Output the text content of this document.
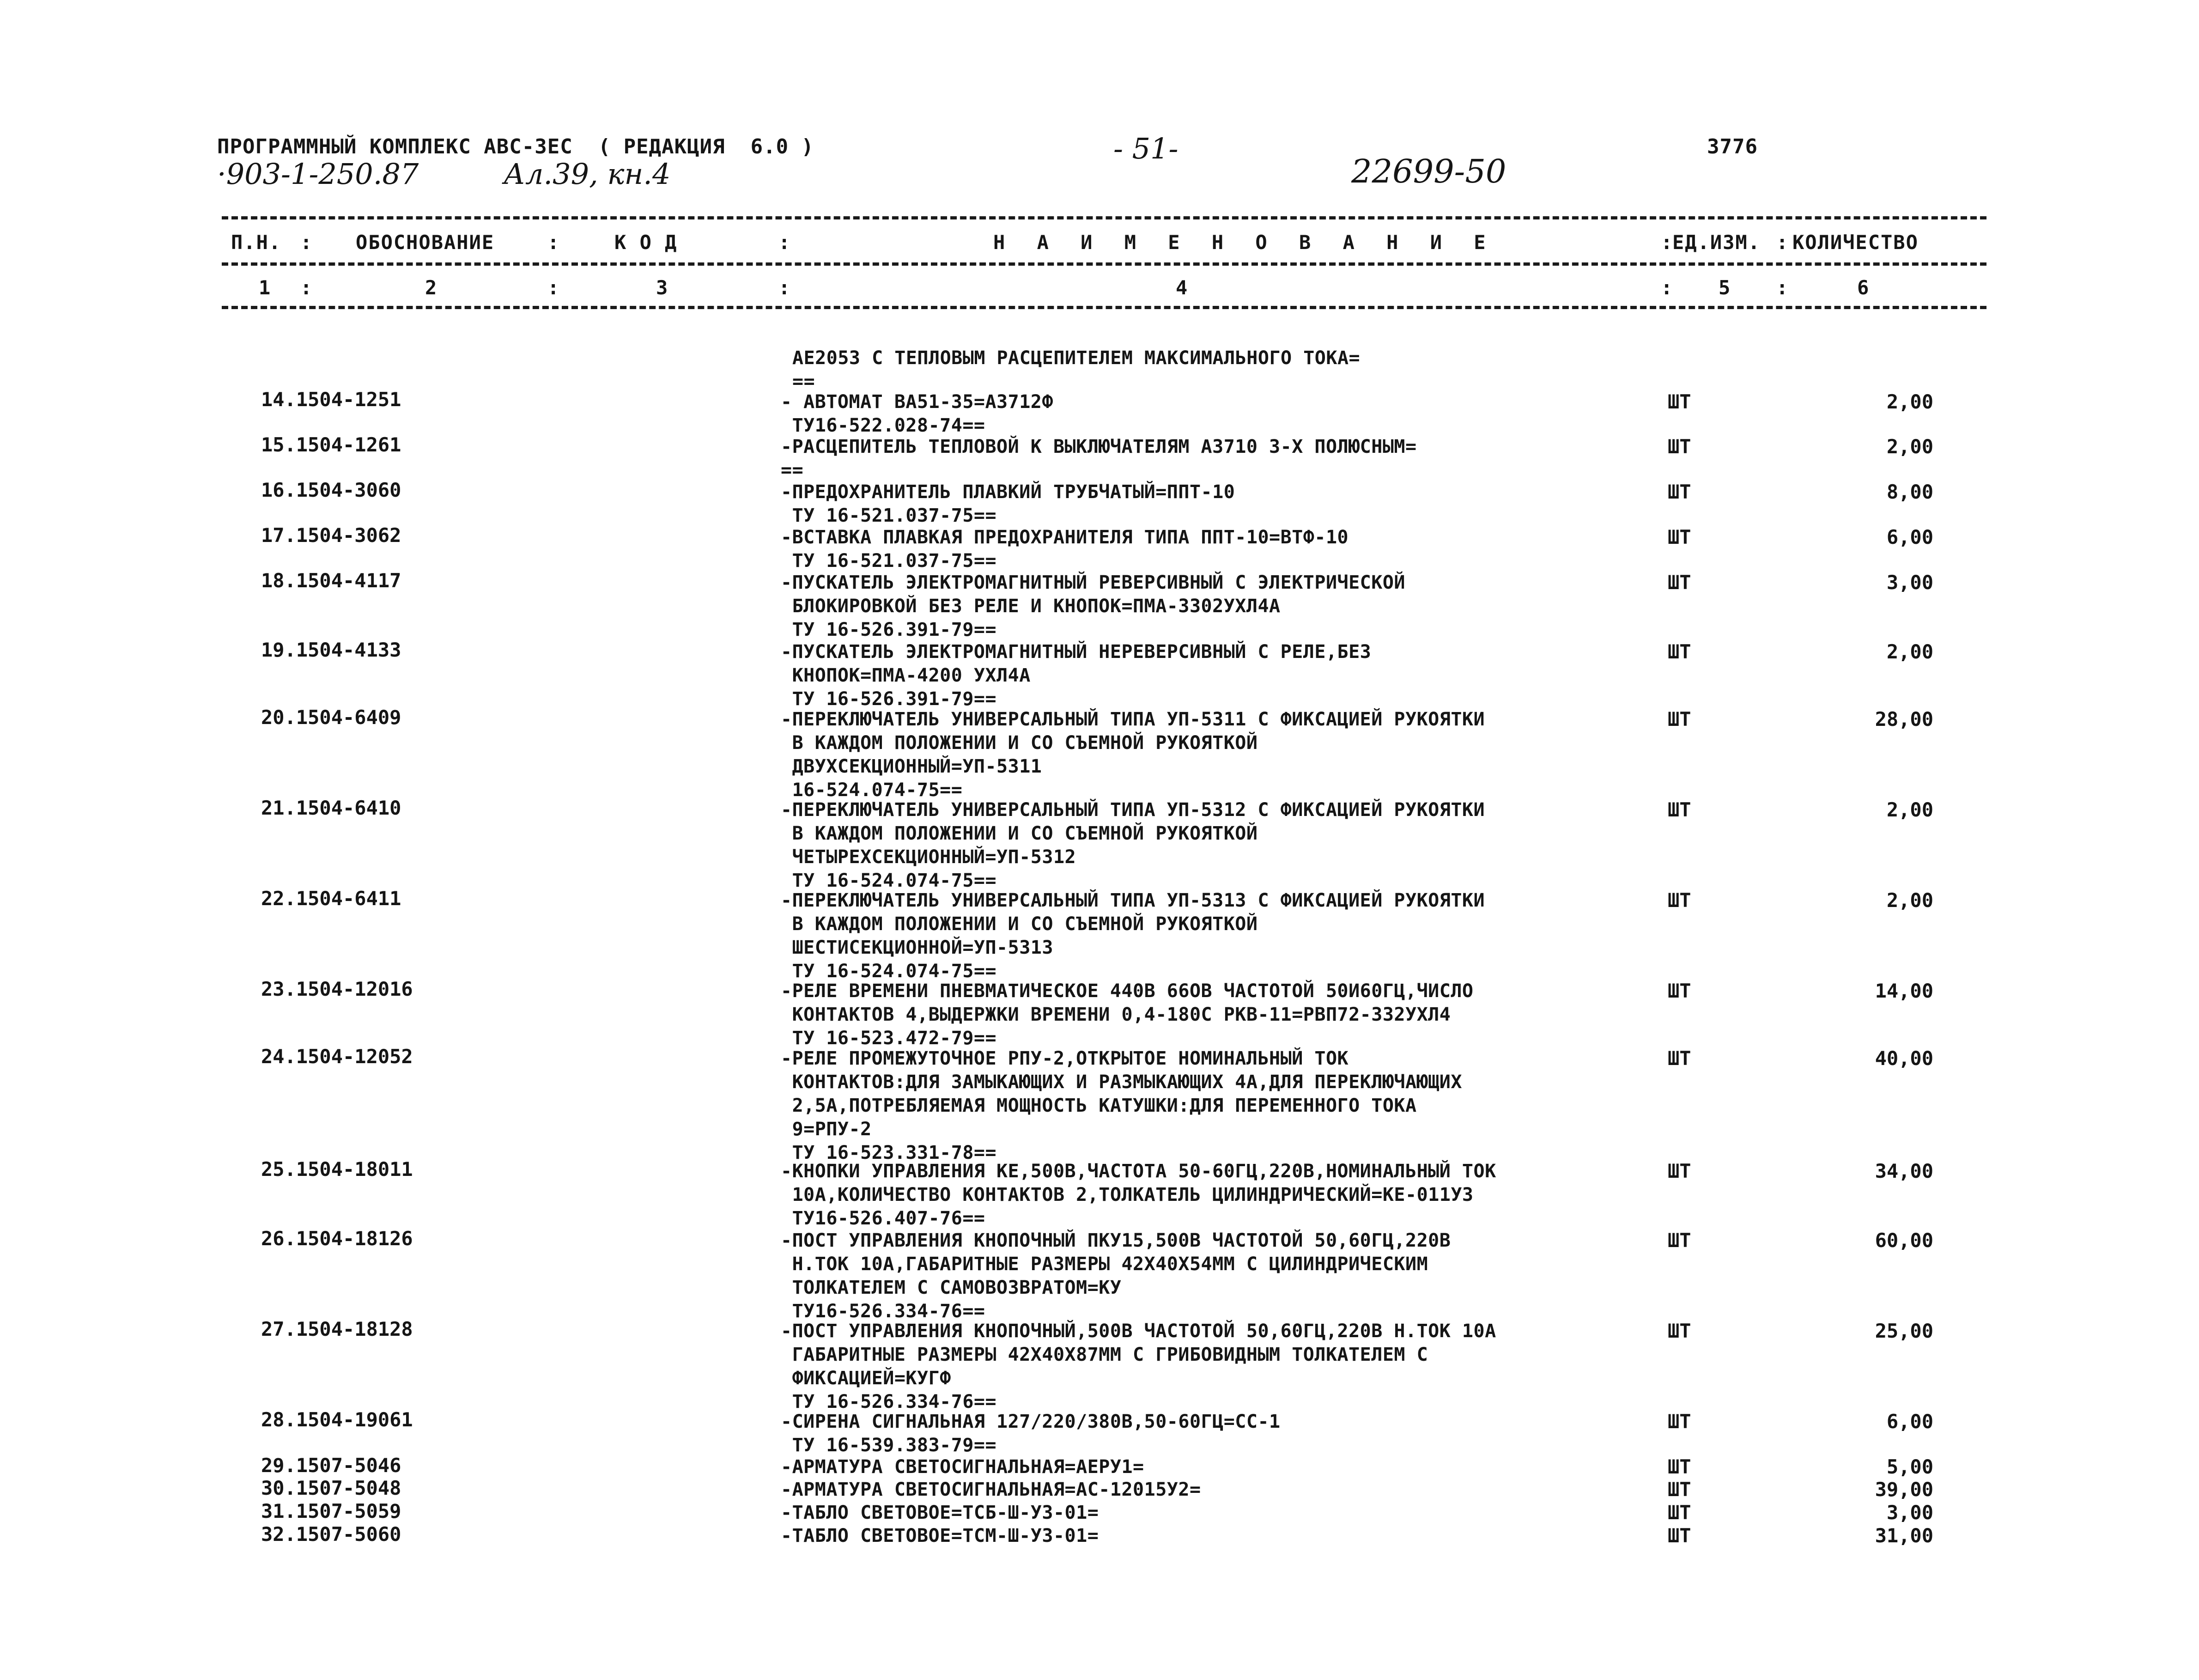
ПРОГРАММНЫЙ КОМПЛЕКС АВС-3ЕС  ( РЕДАКЦИЯ  6.0 )	- 51-	3776
·903-1-250.87	Ал.39, кн.4	22699-50
П.Н. : ОБОСНОВАНИЕ	:	К О Д	:	Н А И М Е Н О В А Н И Е	:
ЕД.ИЗМ. : КОЛИЧЕСТВО
1 :	2	:	3	:	4	: 5 :	6
АЕ2053 С ТЕПЛОВЫМ РАСЦЕПИТЕЛЕМ МАКСИМАЛЬНОГО ТОКА=
==
14.1504-1251	- АВТОМАТ ВА51-35=А3712Ф
ТУ16-522.028-74==
ШТ	2,00
15.1504-1261	-РАСЦЕПИТЕЛЬ ТЕПЛОВОЙ К ВЫКЛЮЧАТЕЛЯМ А3710 3-Х ПОЛЮСНЫМ=
==
ШТ	2,00
16.1504-3060	-ПРЕДОХРАНИТЕЛЬ ПЛАВКИЙ ТРУБЧАТЫЙ=ППТ-10
ТУ 16-521.037-75==
ШТ	8,00
17.1504-3062	-ВСТАВКА ПЛАВКАЯ ПРЕДОХРАНИТЕЛЯ ТИПА ППТ-10=ВТФ-10
ТУ 16-521.037-75==
ШТ	6,00
18.1504-4117	-ПУСКАТЕЛЬ ЭЛЕКТРОМАГНИТНЫЙ РЕВЕРСИВНЫЙ С ЭЛЕКТРИЧЕСКОЙ
БЛОКИРОВКОЙ БЕЗ РЕЛЕ И КНОПОК=ПМА-3302УХЛ4А
ТУ 16-526.391-79==
ШТ	3,00
19.1504-4133	-ПУСКАТЕЛЬ ЭЛЕКТРОМАГНИТНЫЙ НЕРЕВЕРСИВНЫЙ С РЕЛЕ,БЕЗ
КНОПОК=ПМА-4200 УХЛ4А
ТУ 16-526.391-79==
ШТ	2,00
20.1504-6409	-ПЕРЕКЛЮЧАТЕЛЬ УНИВЕРСАЛЬНЫЙ ТИПА УП-5311 С ФИКСАЦИЕЙ РУКОЯТКИ
В КАЖДОМ ПОЛОЖЕНИИ И СО СЪЕМНОЙ РУКОЯТКОЙ
ДВУХСЕКЦИОННЫЙ=УП-5311
16-524.074-75==
ШТ	28,00
21.1504-6410	-ПЕРЕКЛЮЧАТЕЛЬ УНИВЕРСАЛЬНЫЙ ТИПА УП-5312 С ФИКСАЦИЕЙ РУКОЯТКИ
В КАЖДОМ ПОЛОЖЕНИИ И СО СЪЕМНОЙ РУКОЯТКОЙ
ЧЕТЫРЕХСЕКЦИОННЫЙ=УП-5312
ТУ 16-524.074-75==
ШТ	2,00
22.1504-6411	-ПЕРЕКЛЮЧАТЕЛЬ УНИВЕРСАЛЬНЫЙ ТИПА УП-5313 С ФИКСАЦИЕЙ РУКОЯТКИ
В КАЖДОМ ПОЛОЖЕНИИ И СО СЪЕМНОЙ РУКОЯТКОЙ
ШЕСТИСЕКЦИОННОЙ=УП-5313
ТУ 16-524.074-75==
ШТ	2,00
23.1504-12016	-РЕЛЕ ВРЕМЕНИ ПНЕВМАТИЧЕСКОЕ 440В 66ОВ ЧАСТОТОЙ 50И60ГЦ,ЧИСЛО
КОНТАКТОВ 4,ВЫДЕРЖКИ ВРЕМЕНИ 0,4-180С РКВ-11=РВП72-332УХЛ4
ТУ 16-523.472-79==
ШТ	14,00
24.1504-12052	-РЕЛЕ ПРОМЕЖУТОЧНОЕ РПУ-2,ОТКРЫТОЕ НОМИНАЛЬНЫЙ ТОК
КОНТАКТОВ:ДЛЯ ЗАМЫКАЮЩИХ И РАЗМЫКАЮЩИХ 4А,ДЛЯ ПЕРЕКЛЮЧАЮЩИХ
2,5А,ПОТРЕБЛЯЕМАЯ МОЩНОСТЬ КАТУШКИ:ДЛЯ ПЕРЕМЕННОГО ТОКА
9=РПУ-2
ТУ 16-523.331-78==
ШТ	40,00
25.1504-18011	-КНОПКИ УПРАВЛЕНИЯ КЕ,500В,ЧАСТОТА 50-60ГЦ,220В,НОМИНАЛЬНЫЙ ТОК
10А,КОЛИЧЕСТВО КОНТАКТОВ 2,ТОЛКАТЕЛЬ ЦИЛИНДРИЧЕСКИЙ=КЕ-011У3
ТУ16-526.407-76==
ШТ	34,00
26.1504-18126	-ПОСТ УПРАВЛЕНИЯ КНОПОЧНЫЙ ПКУ15,500В ЧАСТОТОЙ 50,60ГЦ,220В
Н.ТОК 10А,ГАБАРИТНЫЕ РАЗМЕРЫ 42Х40Х54ММ С ЦИЛИНДРИЧЕСКИМ
ТОЛКАТЕЛЕМ С САМОВОЗВРАТОМ=КУ
ТУ16-526.334-76==
ШТ	60,00
27.1504-18128	-ПОСТ УПРАВЛЕНИЯ КНОПОЧНЫЙ,500В ЧАСТОТОЙ 50,60ГЦ,220В Н.ТОК 10А
ГАБАРИТНЫЕ РАЗМЕРЫ 42Х40Х87ММ С ГРИБОВИДНЫМ ТОЛКАТЕЛЕМ С
ФИКСАЦИЕЙ=КУГФ
ТУ 16-526.334-76==
ШТ	25,00
28.1504-19061	-СИРЕНА СИГНАЛЬНАЯ 127/220/380В,50-60ГЦ=СС-1
ТУ 16-539.383-79==
ШТ	6,00
29.1507-5046	-АРМАТУРА СВЕТОСИГНАЛЬНАЯ=АЕРУ1=	ШТ	5,00
30.1507-5048	-АРМАТУРА СВЕТОСИГНАЛЬНАЯ=АС-12015У2=	ШТ	39,00
31.1507-5059	-ТАБЛО СВЕТОВОЕ=ТСБ-Ш-У3-01=	ШТ	3,00
32.1507-5060	-ТАБЛО СВЕТОВОЕ=ТСМ-Ш-У3-01=	ШТ	31,00
